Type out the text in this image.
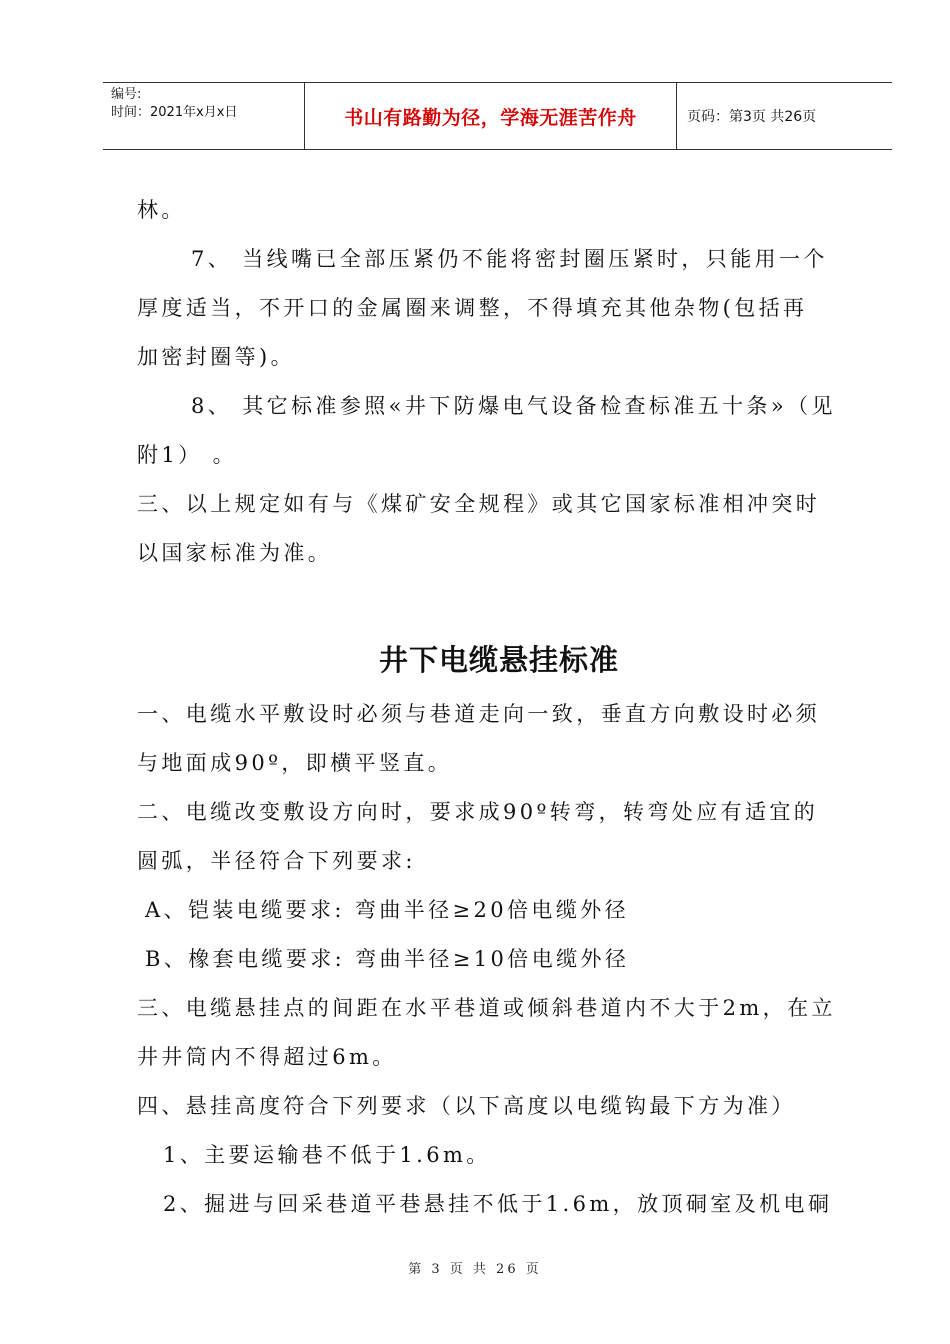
编号:
时间：2021年x月x日	书山有路勤为径，学海无涯苦作舟	页码：第3页 共26页

林。

7、 当线嘴已全部压紧仍不能将密封圈压紧时，只能用一个

厚度适当，不开口的金属圈来调整，不得填充其他杂物(包括再

加密封圈等)。

8、 其它标准参照«井下防爆电气设备检查标准五十条»（见

附1） 。

三、以上规定如有与《煤矿安全规程》或其它国家标准相冲突时

以国家标准为准。

井下电缆悬挂标准

一、电缆水平敷设时必须与巷道走向一致，垂直方向敷设时必须

与地面成90º，即横平竖直。

二、电缆改变敷设方向时，要求成90º转弯，转弯处应有适宜的

圆弧，半径符合下列要求:

A、铠装电缆要求: 弯曲半径≥20倍电缆外径

B、橡套电缆要求: 弯曲半径≥10倍电缆外径

三、电缆悬挂点的间距在水平巷道或倾斜巷道内不大于2m，在立

井井筒内不得超过6m。

四、悬挂高度符合下列要求（以下高度以电缆钩最下方为准）

1、主要运输巷不低于1.6m。

2、掘进与回采巷道平巷悬挂不低于1.6m，放顶硐室及机电硐

第 3 页 共 26 页
